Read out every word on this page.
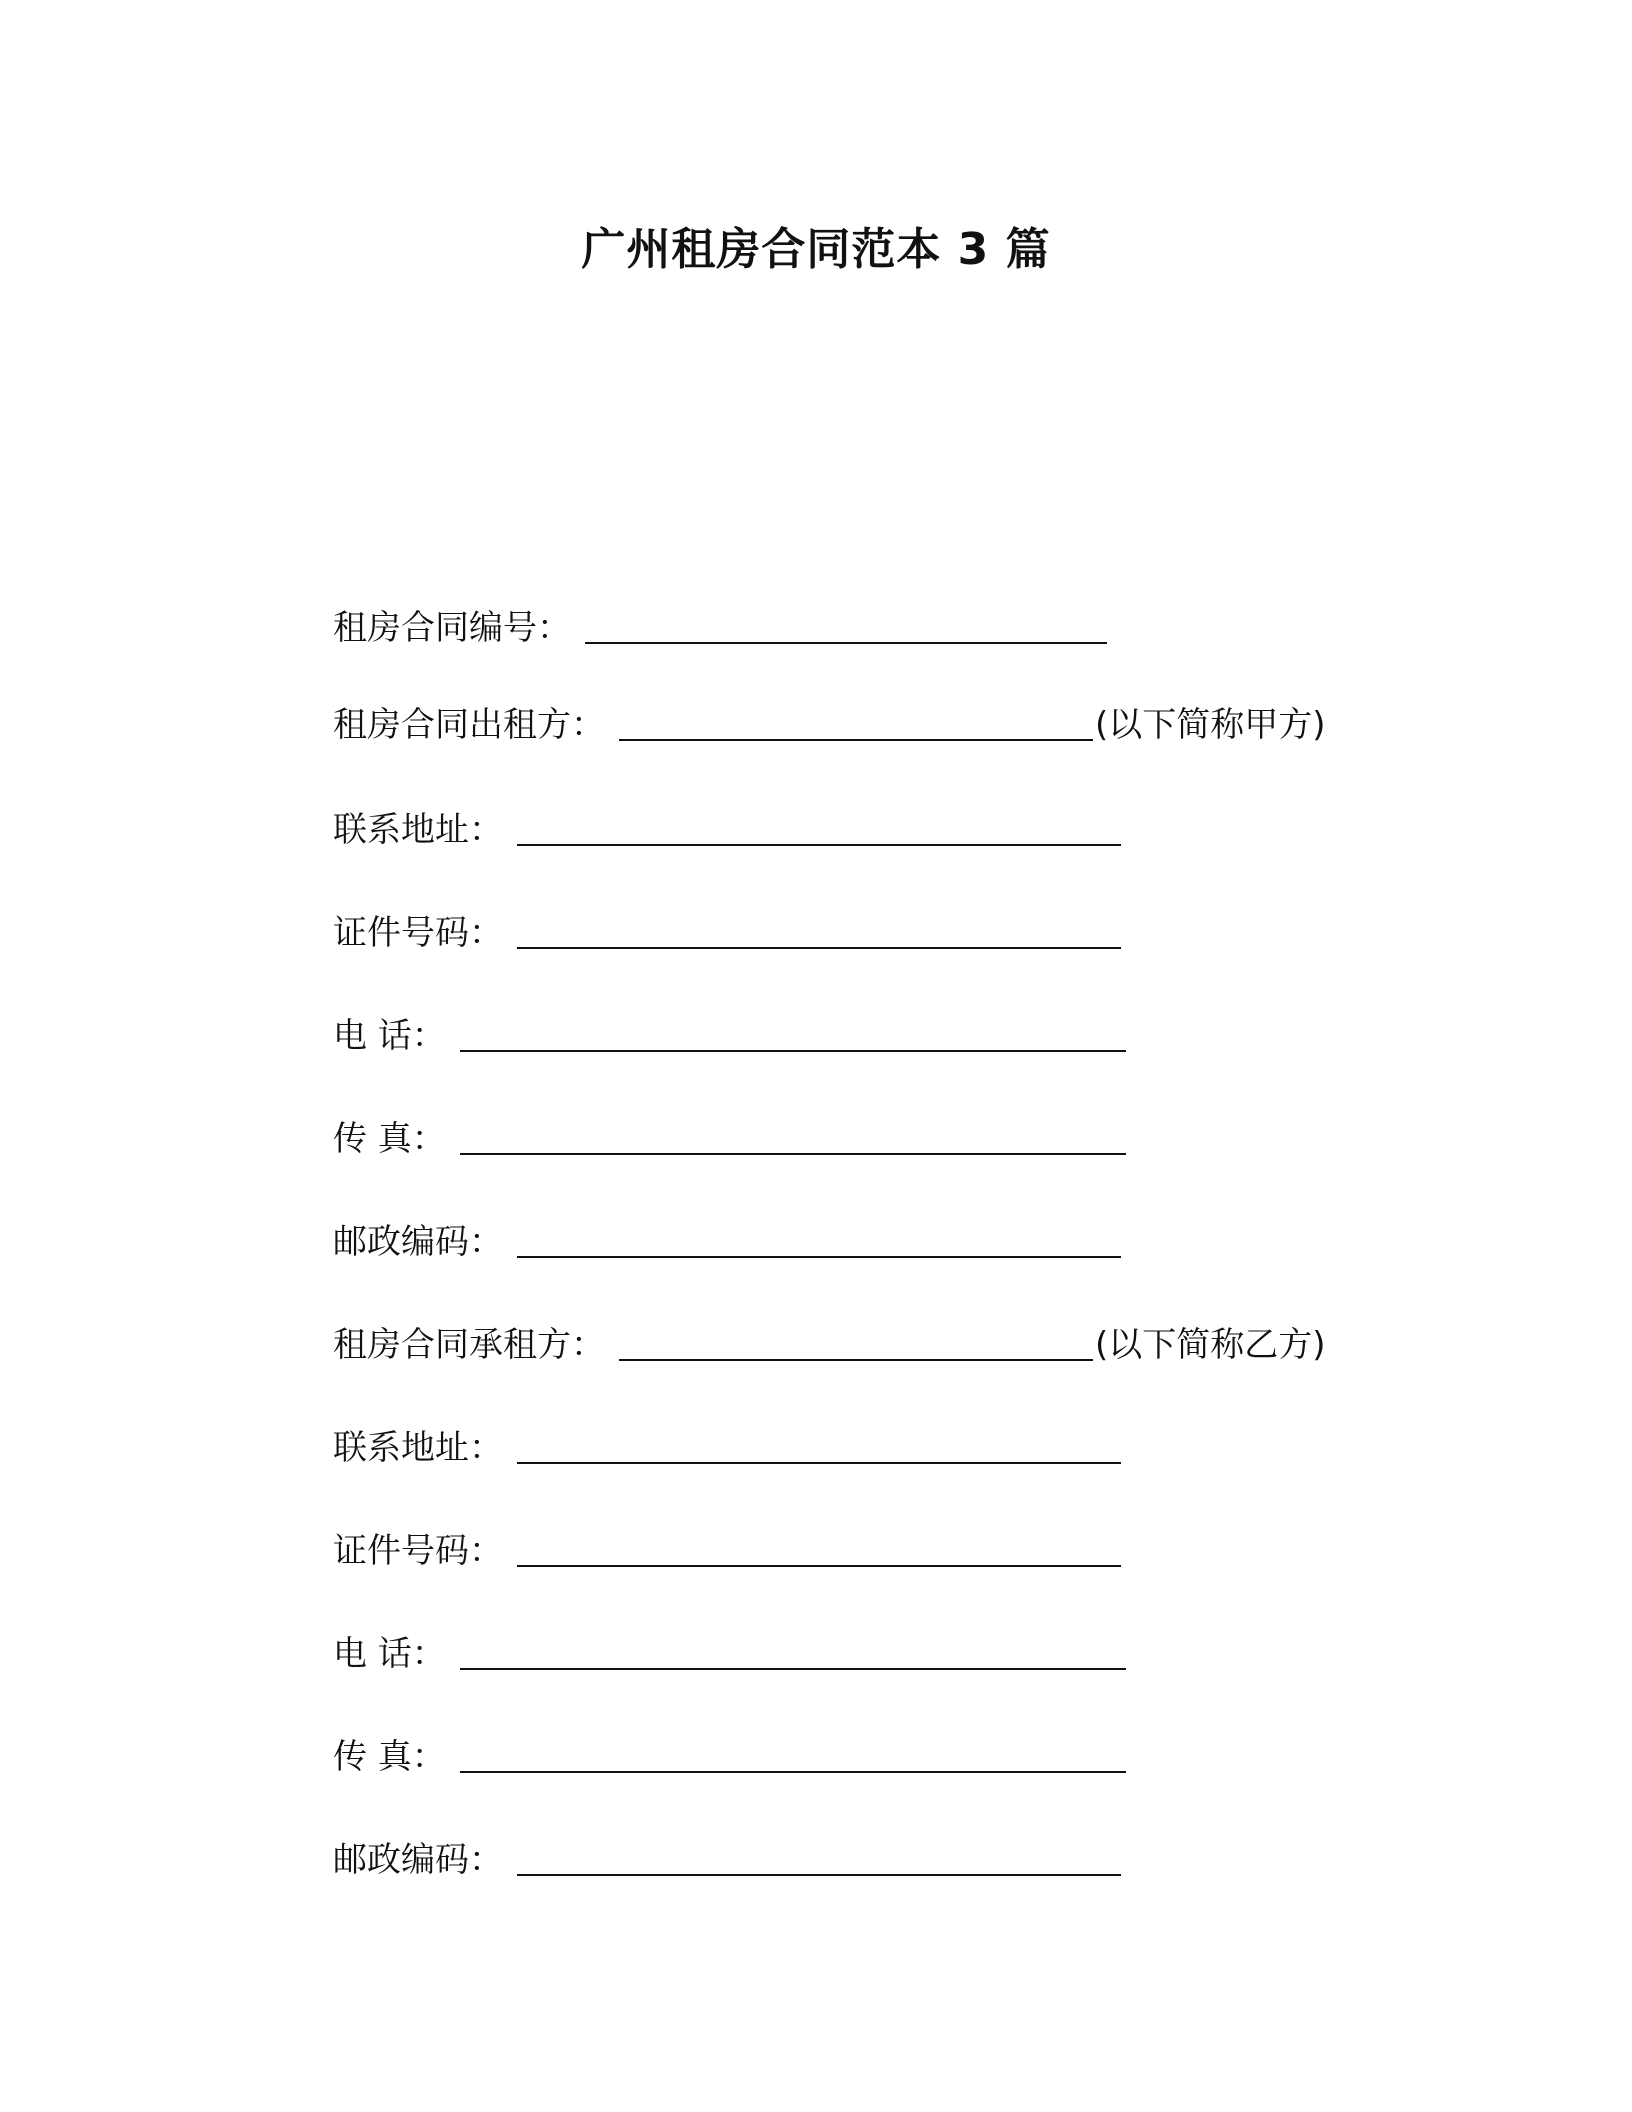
广州租房合同范本 3 篇
租房合同编号：
租房合同出租方：	(以下简称甲方)
联系地址：
证件号码：
电 话：
传 真：
邮政编码：
租房合同承租方：	(以下简称乙方)
联系地址：
证件号码：
电 话：
传 真：
邮政编码：
